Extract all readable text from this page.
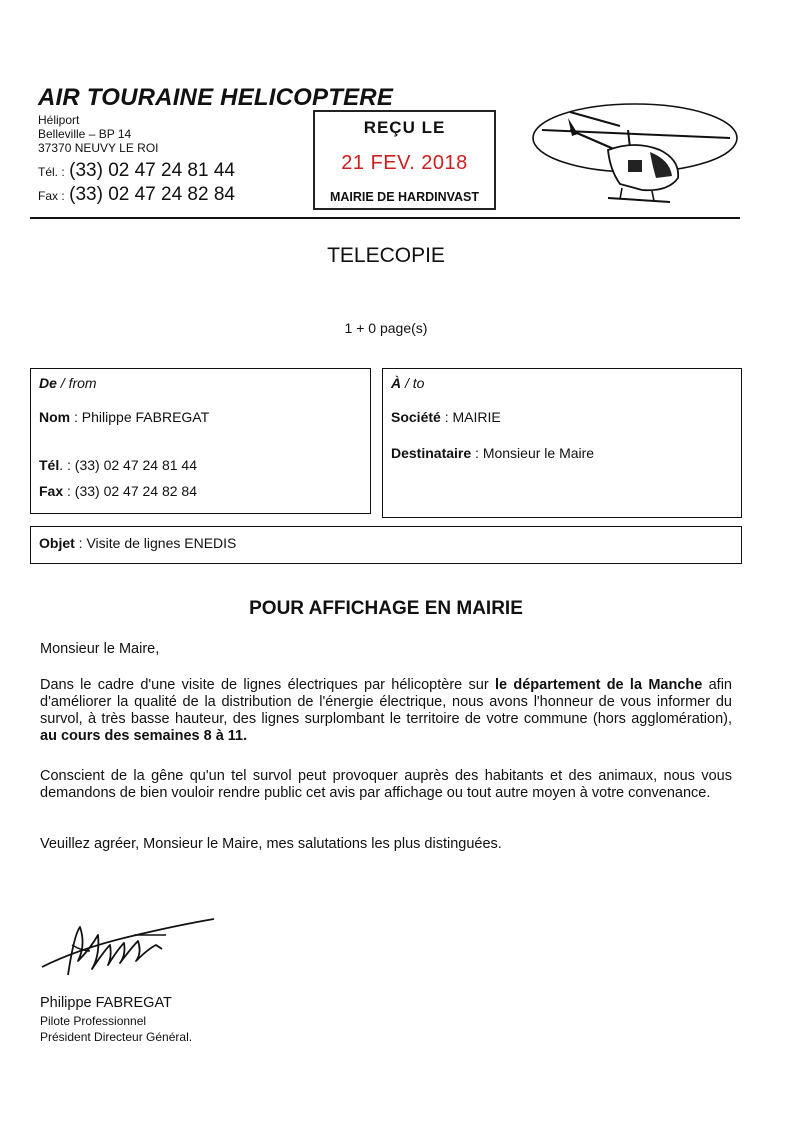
AIR TOURAINE HELICOPTERE
Héliport
Belleville – BP 14
37370 NEUVY LE ROI
Tél. : (33) 02 47 24 81 44
Fax : (33) 02 47 24 82 84
REÇU LE
21 FEV. 2018
MAIRIE DE HARDINVAST
TELECOPIE
1 + 0 page(s)
De / from
Nom : Philippe FABREGAT
Tél. : (33) 02 47 24 81 44
Fax : (33) 02 47 24 82 84
À / to
Société : MAIRIE
Destinataire : Monsieur le Maire
Objet : Visite de lignes ENEDIS
POUR AFFICHAGE EN MAIRIE
Monsieur le Maire,
Dans le cadre d'une visite de lignes électriques par hélicoptère sur le département de la Manche afin d'améliorer la qualité de la distribution de l'énergie électrique, nous avons l'honneur de vous informer du survol, à très basse hauteur, des lignes surplombant le territoire de votre commune (hors agglomération), au cours des semaines 8 à 11.
Conscient de la gêne qu'un tel survol peut provoquer auprès des habitants et des animaux, nous vous demandons de bien vouloir rendre public cet avis par affichage ou tout autre moyen à votre convenance.
Veuillez agréer, Monsieur le Maire, mes salutations les plus distinguées.
Philippe FABREGAT
Pilote Professionnel
Président Directeur Général.
